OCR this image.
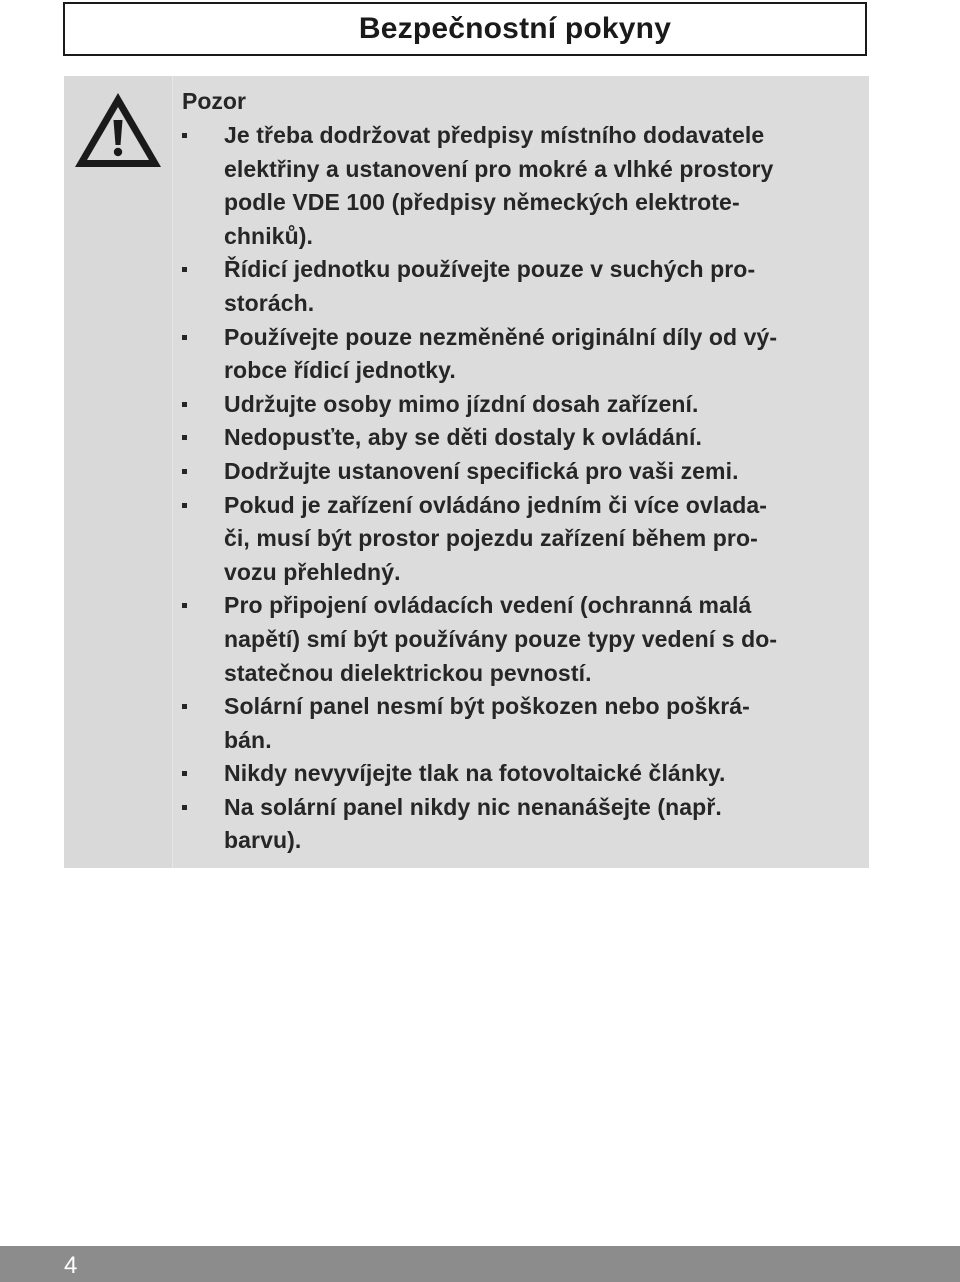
Bezpečnostní pokyny
Pozor
Je třeba dodržovat předpisy místního dodavatele
elektřiny a ustanovení pro mokré a vlhké prostory
podle VDE 100 (předpisy německých elektrote-
chniků).
Řídicí jednotku používejte pouze v suchých pro-
storách.
Používejte pouze nezměněné originální díly od vý-
robce řídicí jednotky.
Udržujte osoby mimo jízdní dosah zařízení.
Nedopusťte, aby se děti dostaly k ovládání.
Dodržujte ustanovení specifická pro vaši zemi.
Pokud je zařízení ovládáno jedním či více ovlada-
či, musí být prostor pojezdu zařízení během pro-
vozu přehledný.
Pro připojení ovládacích vedení (ochranná malá
napětí) smí být používány pouze typy vedení s do-
statečnou dielektrickou pevností.
Solární panel nesmí být poškozen nebo poškrá-
bán.
Nikdy nevyvíjejte tlak na fotovoltaické články.
Na solární panel nikdy nic nenanášejte (např.
barvu).
4
